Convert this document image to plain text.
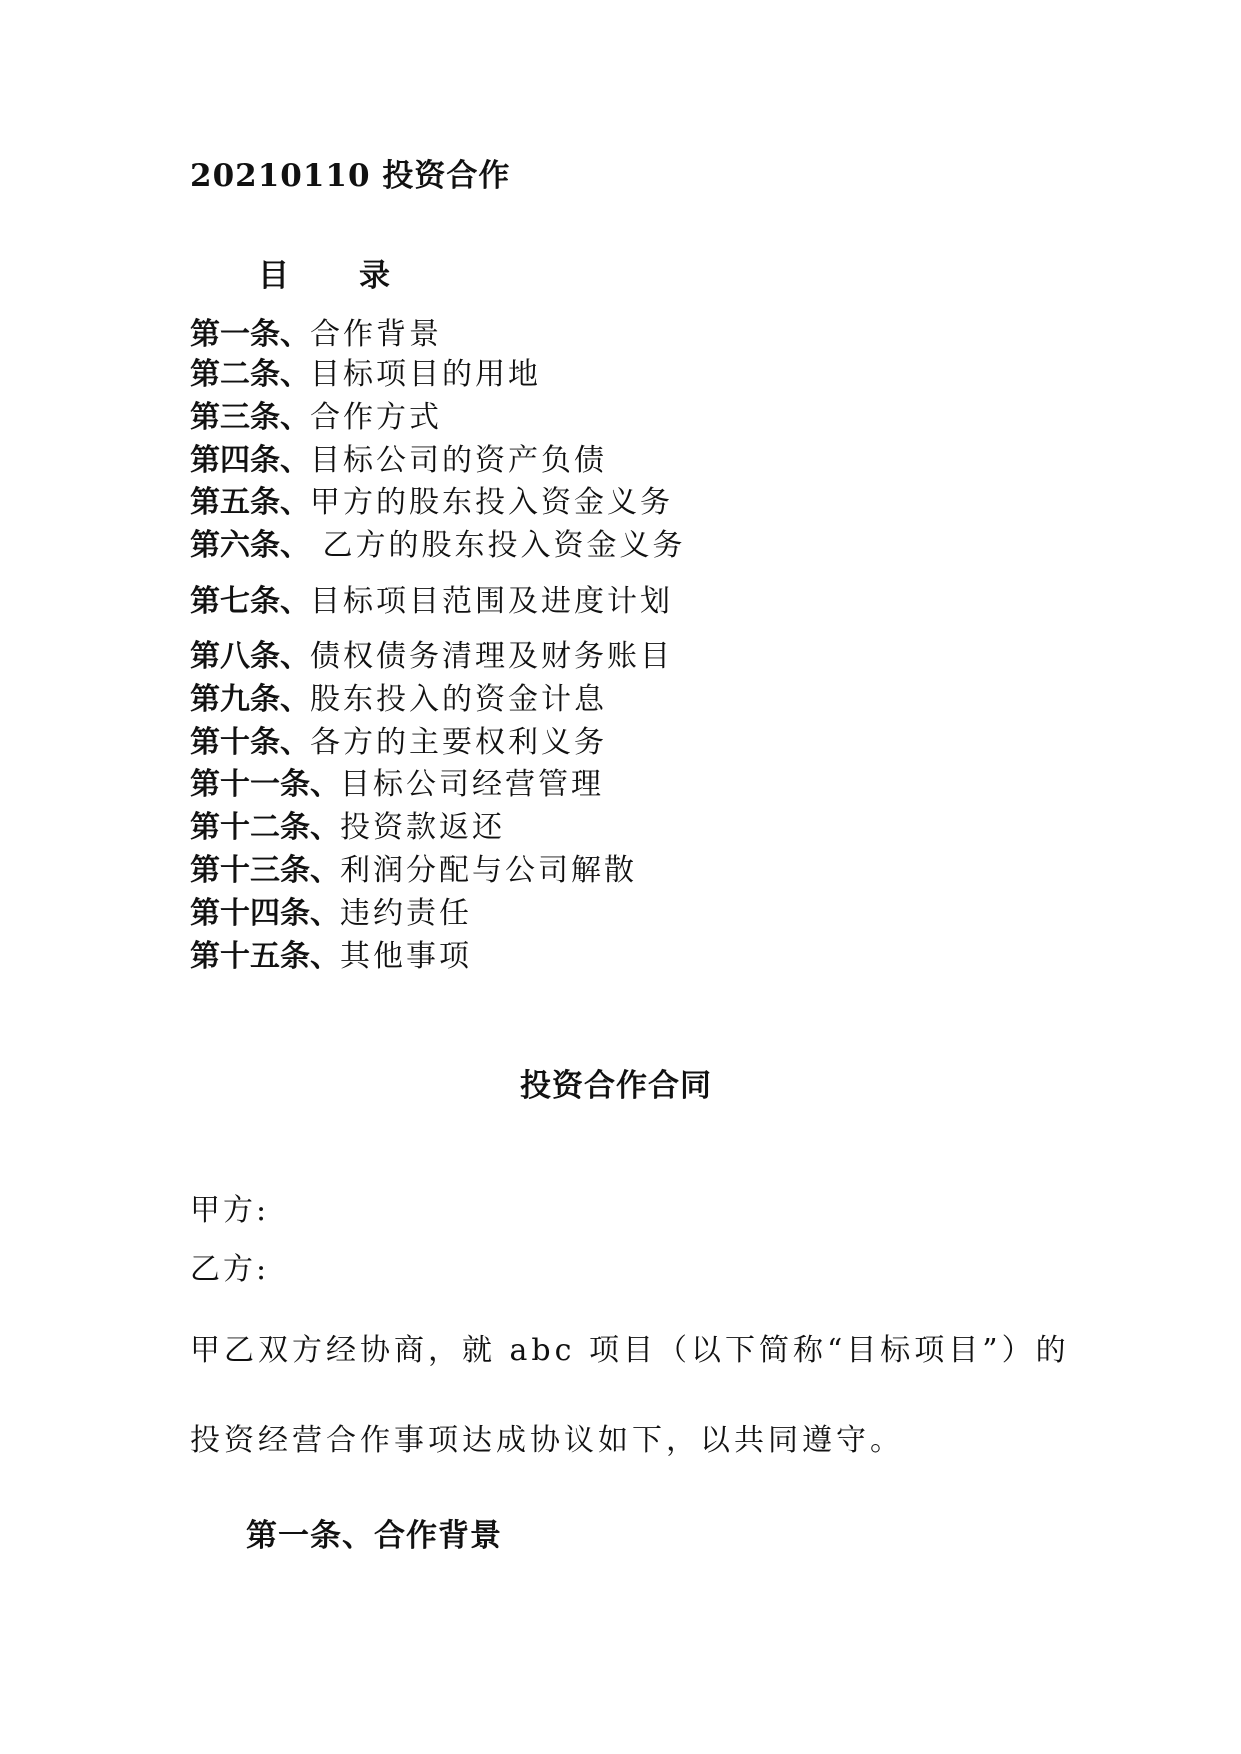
20210110 投资合作
目 录
第一条、合作背景
第二条、目标项目的用地
第三条、合作方式
第四条、目标公司的资产负债
第五条、甲方的股东投入资金义务
第六条、 乙方的股东投入资金义务
第七条、目标项目范围及进度计划
第八条、债权债务清理及财务账目
第九条、股东投入的资金计息
第十条、各方的主要权利义务
第十一条、目标公司经营管理
第十二条、投资款返还
第十三条、利润分配与公司解散
第十四条、违约责任
第十五条、其他事项
投资合作合同
甲方:
乙方:
甲乙双方经协商，就 abc 项目（以下简称“目标项目”）的
投资经营合作事项达成协议如下，以共同遵守。
第一条、合作背景
